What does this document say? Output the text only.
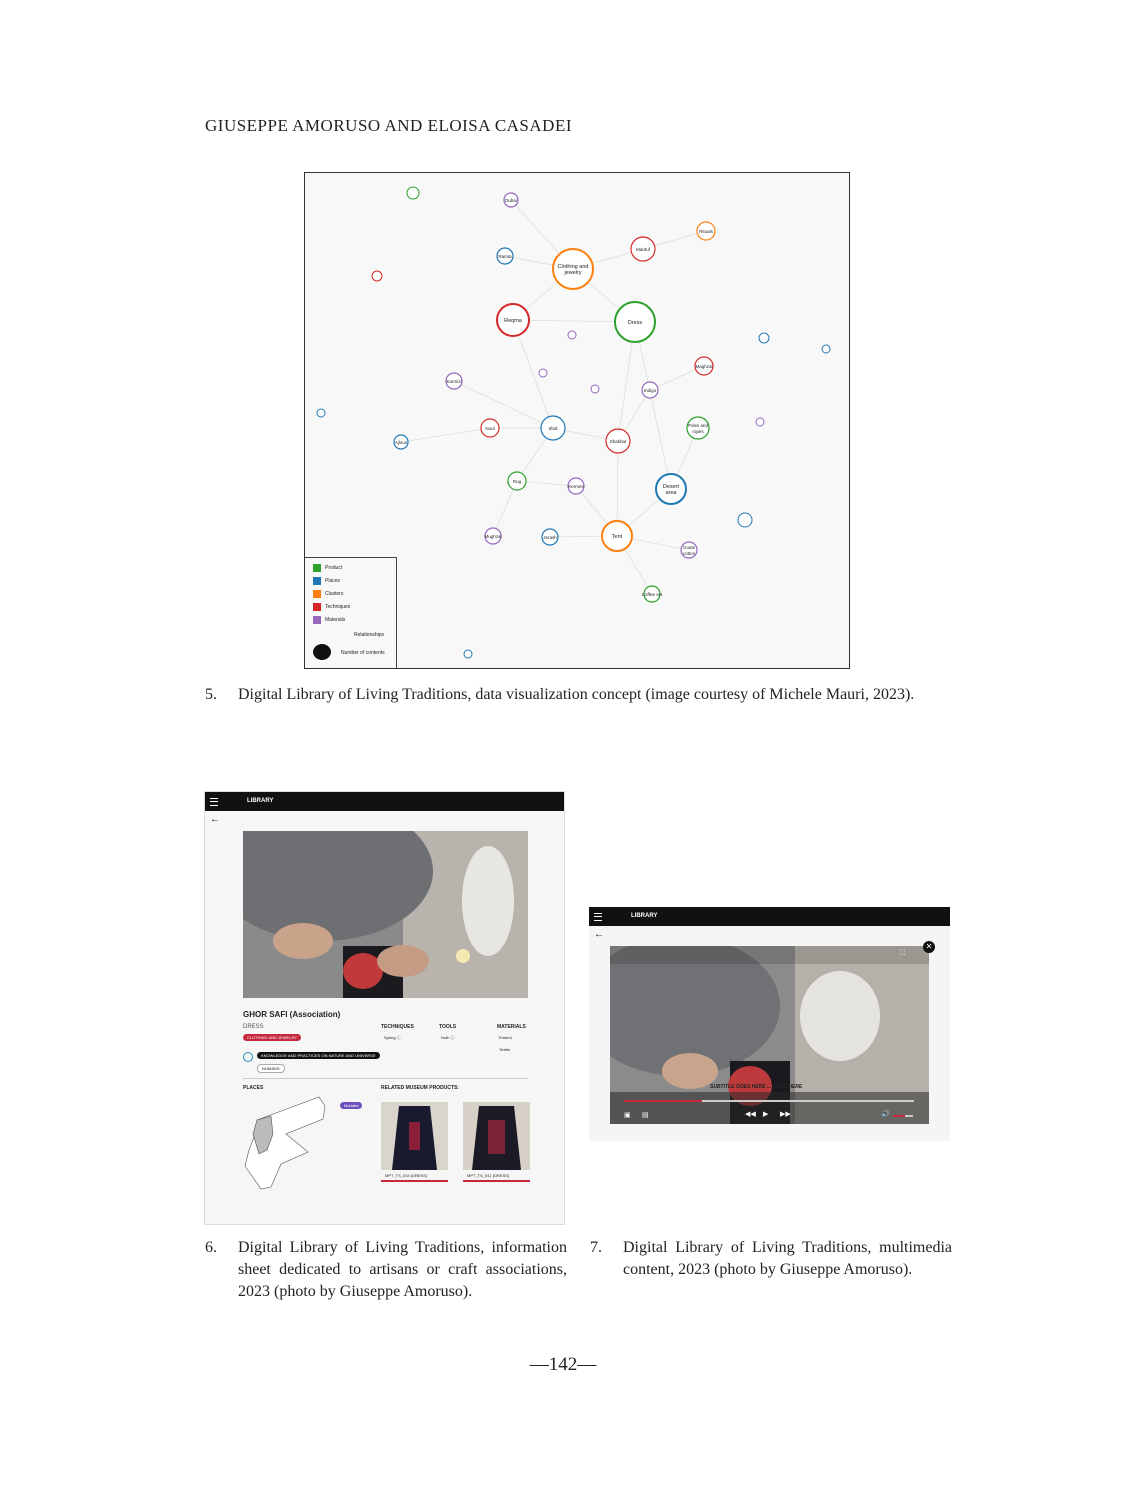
GIUSEPPE AMORUSO AND ELOISA CASADEI
Dubai
Ramta
Clothing and
jewelry
Marduf
Rituals
Reqma	Dress
Karmizi
Maghzal
Indigo
Ajloun
Nuul	Irbid
Shakhat
Poles and
ropes
Rug
Kermes	Desert
area
Mughzal	Jerash	Tent
Goats
cotton
Coffee set
Product
Places
Clusters
Techniques
Materials
Relationships
Number of contents
5. Digital Library of Living Traditions, data visualization concept (image courtesy of Michele Mauri, 2023).
LIBRARY
←
GHOR SAFI (Association)
DRESS
CLOTHING AND JEWELRY
KNOWLEDGE AND PRACTICES ON NATURE AND UNIVERSE
NOMADS
TECHNIQUES
Spring ⓘ
TOOLS
Nuth ⓘ
MATERIALS
Embroi.
Textile
PLACES
Madaba
RELATED MUSEUM PRODUCTS:
MPT_TS_034 (DRESS)	MPT_TS_041 (DRESS)
LIBRARY
←
⛶
SUBTITLE GOES HERE ... GOES HERE
▣ ▤	◀◀ ▶ ▶▶	🔊
✕
6. Digital Library of Living Traditions, information sheet dedicated to artisans or craft associations, 2023 (photo by Giuseppe Amoruso).
7. Digital Library of Living Traditions, multimedia content, 2023 (photo by Giuseppe Amoruso).
—142—
